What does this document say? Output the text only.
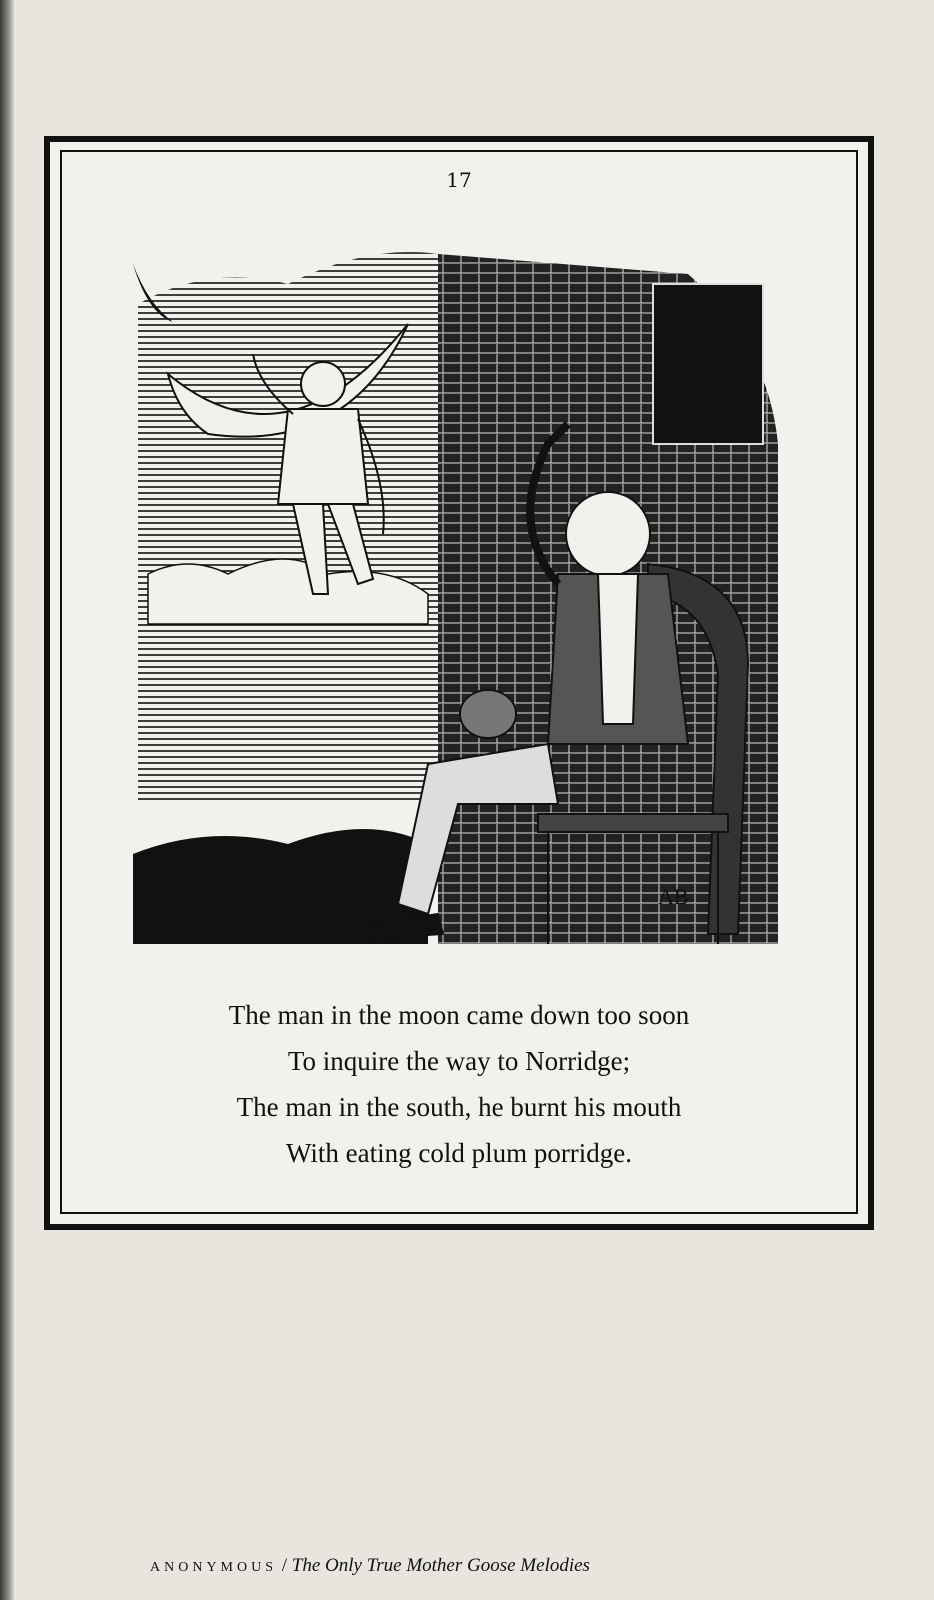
17
AB
The man in the moon came down too soon
To inquire the way to Norridge;
The man in the south, he burnt his mouth
With eating cold plum porridge.
ANONYMOUS / The Only True Mother Goose Melodies
